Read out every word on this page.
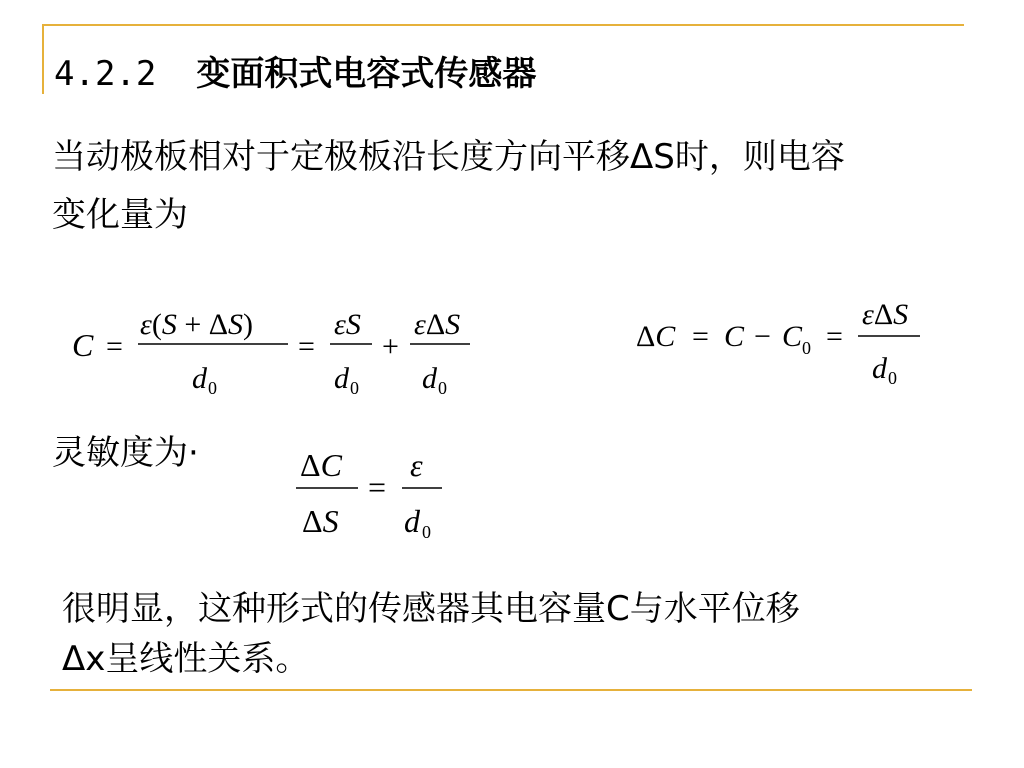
4.2.2 变面积式电容式传感器
当动极板相对于定极板沿长度方向平移ΔS时，则电容
变化量为
C =
ε(S + ΔS)
d 0
=
εS
d 0
+
εΔS
d 0
ΔC = C − C 0 =
εΔS
d 0
灵敏度为·	ΔC
ΔS
=
ε
d 0
很明显，这种形式的传感器其电容量C与水平位移
Δx呈线性关系。
